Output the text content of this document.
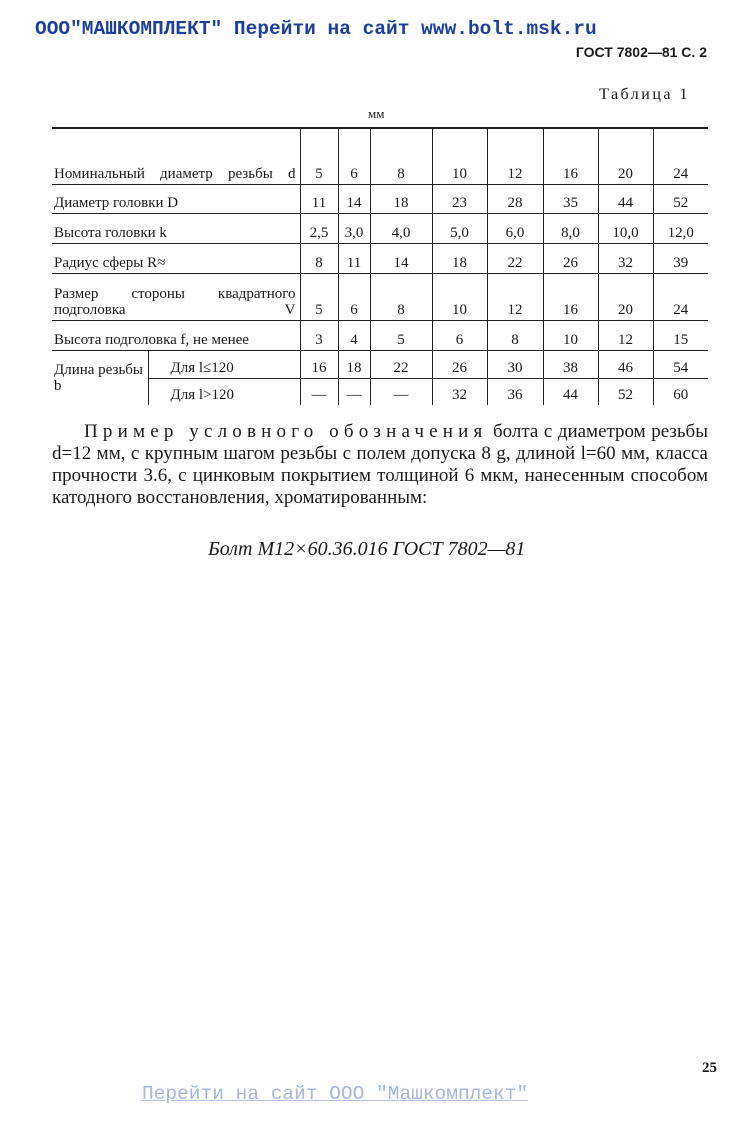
ООО"МАШКОМПЛЕКТ" Перейти на сайт www.bolt.msk.ru
ГОСТ 7802—81 С. 2
Таблица 1
мм

Номинальный диаметр резьбы d		5	6	8	10	12	16	20	24
Диаметр головки D		11	14	18	23	28	35	44	52
Высота головки k		2,5	3,0	4,0	5,0	6,0	8,0	10,0	12,0
Радиус сферы R≈		8	11	14	18	22	26	32	39

Размер стороны квадратного подголовка V		5	6	8	10	12	16	20	24
Высота подголовка f, не менее		3	4	5	6	8	10	12	15
Длина резьбы b	Для l≤120	16	18	22	26	30	38	46	54
	Для l>120	—	—	—	32	36	44	52	60
Пример условного обозначения болта с диаметром резьбы d=12 мм, с крупным шагом резьбы с полем допуска 8 g, длиной l=60 мм, класса прочности 3.6, с цинковым покрытием толщиной 6 мкм, нанесенным способом катодного восстановления, хроматированным:
Болт M12×60.36.016 ГОСТ 7802—81
25
Перейти на сайт ООО "Машкомплект"
